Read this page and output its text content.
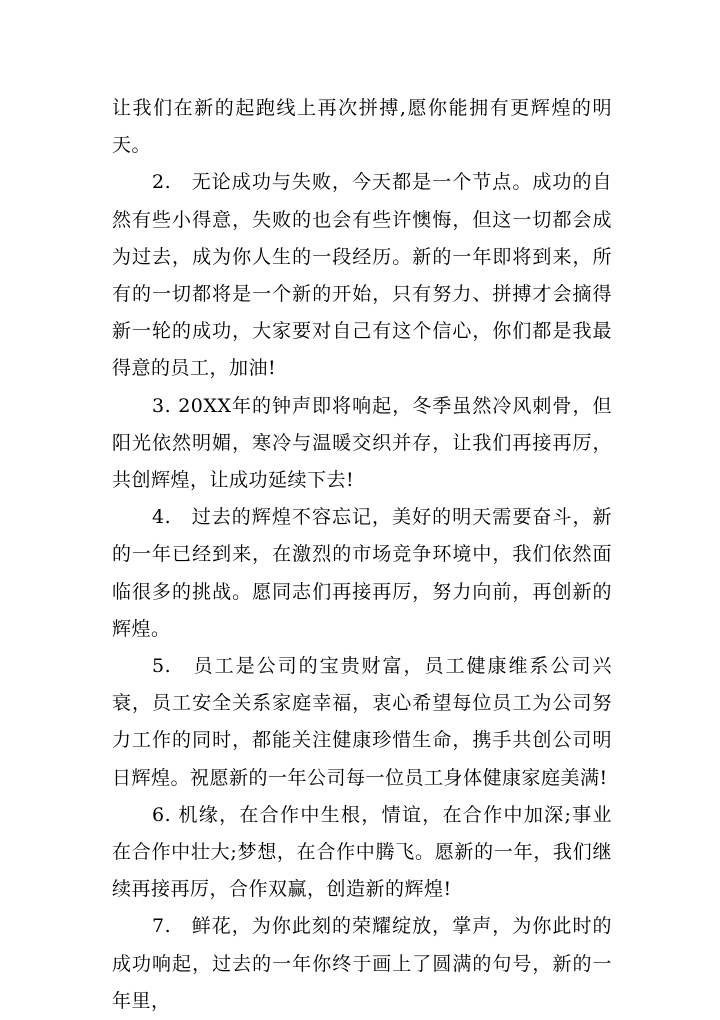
让我们在新的起跑线上再次拼搏,愿你能拥有更辉煌的明天。

2.　无论成功与失败，今天都是一个节点。成功的自然有些小得意，失败的也会有些许懊悔，但这一切都会成为过去，成为你人生的一段经历。新的一年即将到来，所有的一切都将是一个新的开始，只有努力、拼搏才会摘得新一轮的成功，大家要对自己有这个信心，你们都是我最得意的员工，加油!

3. 20XX年的钟声即将响起，冬季虽然冷风刺骨，但阳光依然明媚，寒冷与温暖交织并存，让我们再接再厉，共创辉煌，让成功延续下去!

4.　过去的辉煌不容忘记，美好的明天需要奋斗，新的一年已经到来，在激烈的市场竞争环境中，我们依然面临很多的挑战。愿同志们再接再厉，努力向前，再创新的辉煌。

5.　员工是公司的宝贵财富，员工健康维系公司兴衰，员工安全关系家庭幸福，衷心希望每位员工为公司努力工作的同时，都能关注健康珍惜生命，携手共创公司明日辉煌。祝愿新的一年公司每一位员工身体健康家庭美满!

6. 机缘，在合作中生根，情谊，在合作中加深;事业在合作中壮大;梦想，在合作中腾飞。愿新的一年，我们继续再接再厉，合作双赢，创造新的辉煌!

7.　鲜花，为你此刻的荣耀绽放，掌声，为你此时的成功响起，过去的一年你终于画上了圆满的句号，新的一年里，
